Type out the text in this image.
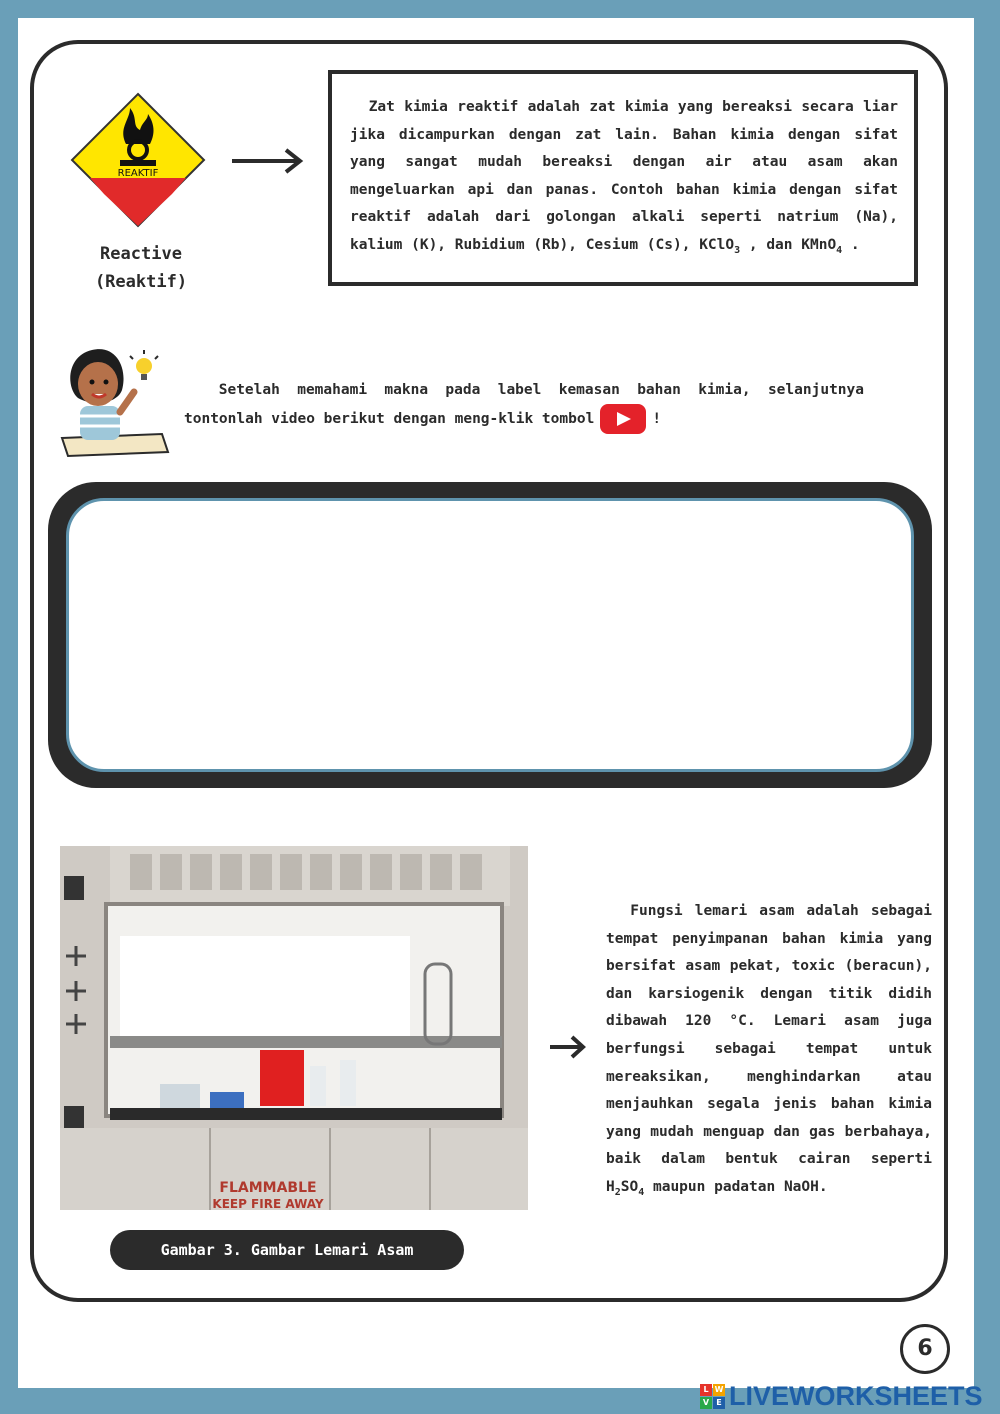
REAKTIF
Reactive
(Reaktif)
Zat kimia reaktif adalah zat kimia yang bereaksi secara liar jika dicampurkan dengan zat lain. Bahan kimia dengan sifat yang sangat mudah bereaksi dengan air atau asam akan mengeluarkan api dan panas. Contoh bahan kimia dengan sifat reaktif adalah dari golongan alkali seperti natrium (Na), kalium (K), Rubidium (Rb), Cesium (Cs), KClO$_3$ , dan KMnO$_4$ .
Setelah memahami makna pada label kemasan bahan kimia, selanjutnya tontonlah video berikut dengan meng-klik tombol	!
FLAMMABLE
KEEP FIRE AWAY
Gambar 3. Gambar Lemari Asam
Fungsi lemari asam adalah sebagai tempat penyimpanan bahan kimia yang bersifat asam pekat, toxic (beracun), dan karsiogenik dengan titik didih dibawah 120 °C. Lemari asam juga berfungsi sebagai tempat untuk mereaksikan, menghindarkan atau menjauhkan segala jenis bahan kimia yang mudah menguap dan gas berbahaya, baik dalam bentuk cairan seperti $H_2SO_4$ maupun padatan NaOH.
6
L W
V E LIVEWORKSHEETS
